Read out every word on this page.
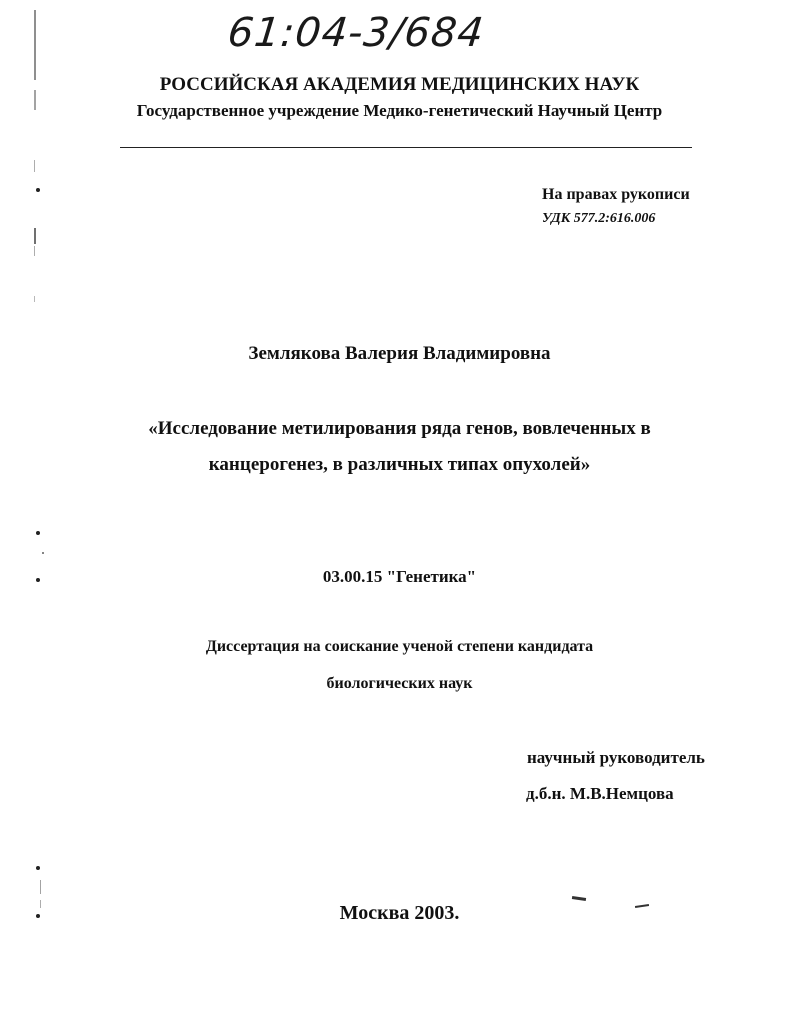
61:04-3/684
РОССИЙСКАЯ АКАДЕМИЯ МЕДИЦИНСКИХ НАУК
Государственное учреждение Медико-генетический Научный Центр
На правах рукописи
УДК 577.2:616.006
Землякова Валерия Владимировна
«Исследование метилирования ряда генов, вовлеченных в
канцерогенез, в различных типах опухолей»
03.00.15 "Генетика"
Диссертация на соискание ученой степени кандидата
биологических наук
научный руководитель
д.б.н. М.В.Немцова
Москва 2003.
